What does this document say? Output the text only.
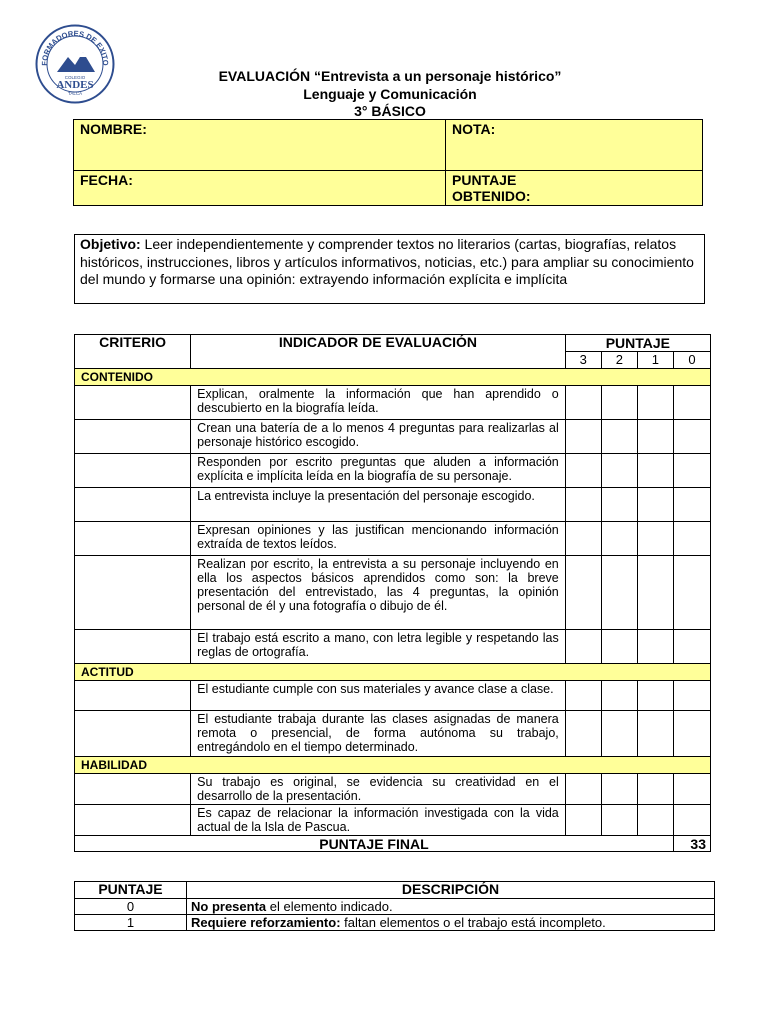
FORMADORES DE EXITO
COLEGIO
ANDES
TALCA
EVALUACIÓN “Entrevista a un personaje histórico”
Lenguaje y Comunicación
3° BÁSICO
NOMBRE:	NOTA:
FECHA:	PUNTAJE
OBTENIDO:
Objetivo: Leer independientemente y comprender textos no literarios (cartas, biografías, relatos históricos, instrucciones, libros y artículos informativos, noticias, etc.) para ampliar su conocimiento del mundo y formarse una opinión: extrayendo información explícita e implícita
CRITERIO	INDICADOR DE EVALUACIÓN	PUNTAJE			
		3	2	1	0
CONTENIDO					
	Explican, oralmente la información que han aprendido o descubierto en la biografía leída.				
	Crean una batería de a lo menos 4 preguntas para realizarlas al personaje histórico escogido.				
	Responden por escrito preguntas que aluden a información explícita e implícita leída en la biografía de su personaje.				
	La entrevista incluye la presentación del personaje escogido.				
	Expresan opiniones y las justifican mencionando información extraída de textos leídos.				
	Realizan por escrito, la entrevista a su personaje incluyendo en ella los aspectos básicos aprendidos como son: la breve presentación del entrevistado, las 4 preguntas, la opinión personal de él y una fotografía o dibujo de él.				
	El trabajo está escrito a mano, con letra legible y respetando las reglas de ortografía.				
ACTITUD					
	El estudiante cumple con sus materiales y avance clase a clase.				
	El estudiante trabaja durante las clases asignadas de manera remota o presencial, de forma autónoma su trabajo, entregándolo en el tiempo determinado.				
HABILIDAD					
	Su trabajo es original, se evidencia su creatividad en el desarrollo de la presentación.				
	Es capaz de relacionar la información investigada con la vida actual de la Isla de Pascua.				
PUNTAJE FINAL					33
PUNTAJE	DESCRIPCIÓN
0	No presenta el elemento indicado.
1	Requiere reforzamiento: faltan elementos o el trabajo está incompleto.
